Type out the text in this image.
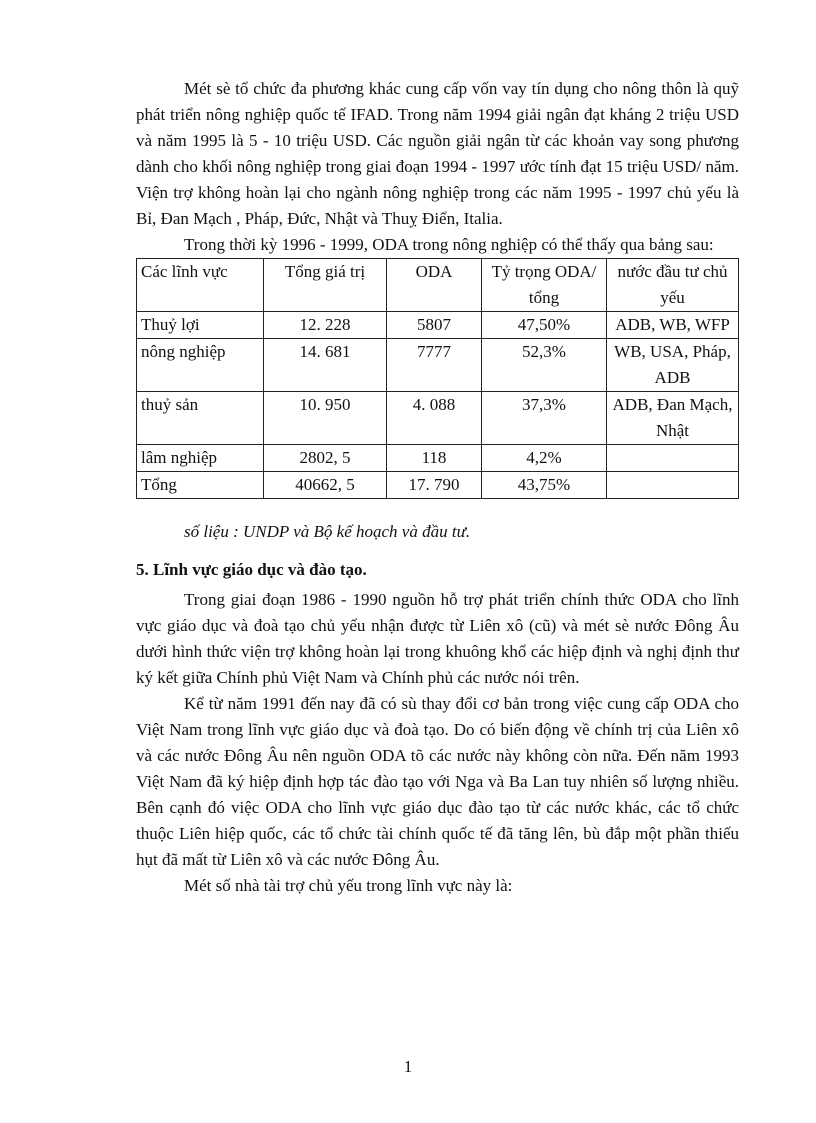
Mét sè tổ chức đa phương khác cung cấp vốn vay tín dụng cho nông thôn là quỹ phát triển nông nghiệp quốc tế IFAD. Trong năm 1994 giải ngân đạt kháng 2 triệu USD và năm 1995 là 5 - 10 triệu USD. Các nguồn giải ngân từ các khoản vay song phương dành cho khối nông nghiệp trong giai đoạn 1994 - 1997 ước tính đạt 15 triệu USD/ năm. Viện trợ không hoàn lại cho ngành nông nghiệp trong các năm 1995 - 1997 chủ yếu là Bỉ, Đan Mạch , Pháp, Đức, Nhật và Thuỵ Điển, Italia.

Trong thời kỳ 1996 - 1999, ODA trong nông nghiệp có thể thấy qua bảng sau:

Các lĩnh vực	Tổng giá trị	ODA	Tỷ trọng ODA/ tổng	nước đầu tư chủ yếu
Thuỷ lợi	12. 228	5807	47,50%	ADB, WB, WFP
nông nghiệp	14. 681	7777	52,3%	WB, USA, Pháp, ADB
thuỷ sản	10. 950	4. 088	37,3%	ADB, Đan Mạch, Nhật
lâm nghiệp	2802, 5	118	4,2%	
Tổng	40662, 5	17. 790	43,75%	

số liệu : UNDP và Bộ kế hoạch và đầu tư.

5. Lĩnh vực giáo dục và đào tạo.

Trong giai đoạn 1986 - 1990 nguồn hỗ trợ phát triển chính thức ODA cho lĩnh vực giáo dục và đoà tạo chủ yếu nhận được từ Liên xô (cũ) và mét sè nước Đông Âu dưới hình thức viện trợ không hoàn lại trong khuông khổ các hiệp định và nghị định thư ký kết giữa Chính phủ Việt Nam và Chính phủ các nước nói trên.

Kể từ năm 1991 đến nay đã có sù thay đổi cơ bản trong việc cung cấp ODA cho Việt Nam trong lĩnh vực giáo dục và đoà tạo. Do có biến động về chính trị của Liên xô và các nước Đông Âu nên nguồn ODA tõ các nước này không còn nữa. Đến năm 1993 Việt Nam đã ký hiệp định hợp tác đào tạo với Nga và Ba Lan tuy nhiên số lượng nhiều. Bên cạnh đó việc ODA cho lĩnh vực giáo dục đào tạo từ các nước khác, các tổ chức thuộc Liên hiệp quốc, các tổ chức tài chính quốc tế đã tăng lên, bù đắp một phần thiếu hụt đã mất từ Liên xô và các nước Đông Âu.

Mét số nhà tài trợ chủ yếu trong lĩnh vực này là:

1
